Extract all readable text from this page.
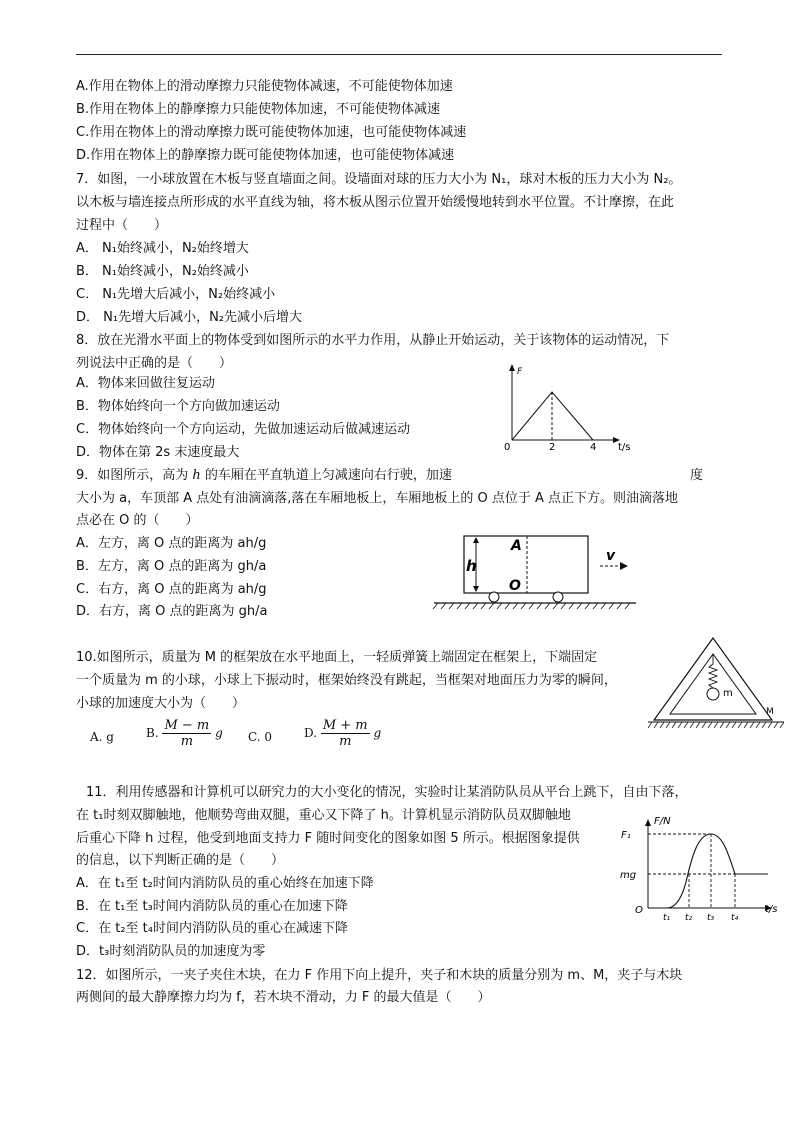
A.作用在物体上的滑动摩擦力只能使物体减速，不可能使物体加速
B.作用在物体上的静摩擦力只能使物体加速，不可能使物体减速
C.作用在物体上的滑动摩擦力既可能使物体加速，也可能使物体减速
D.作用在物体上的静摩擦力既可能使物体加速，也可能使物体减速
7．如图，一小球放置在木板与竖直墙面之间。设墙面对球的压力大小为 N₁，球对木板的压力大小为 N₂。
以木板与墙连接点所形成的水平直线为轴，将木板从图示位置开始缓慢地转到水平位置。不计摩擦，在此
过程中（　　）
A． N₁始终减小，N₂始终增大
B． N₁始终减小，N₂始终减小
C． N₁先增大后减小，N₂始终减小
D． N₁先增大后减小，N₂先减小后增大
8．放在光滑水平面上的物体受到如图所示的水平力作用，从静止开始运动，关于该物体的运动情况，下
列说法中正确的是（　　）
A．物体来回做往复运动
B．物体始终向一个方向做加速运动
C．物体始终向一个方向运动，先做加速运动后做减速运动
D．物体在第 2s 末速度最大
F
0	2	4 t/s
9．如图所示，高为 h 的车厢在平直轨道上匀减速向右行驶，加速	度
大小为 a，车顶部 A 点处有油滴滴落,落在车厢地板上，车厢地板上的 O 点位于 A 点正下方。则油滴落地
点必在 O 的（　　）
A．左方，离 O 点的距离为 ah/g
B．左方，离 O 点的距离为 gh/a
C．右方，离 O 点的距离为 ah/g
D．右方，离 O 点的距离为 gh/a
h
A
O
v
10.如图所示，质量为 M 的框架放在水平地面上，一轻质弹簧上端固定在框架上，下端固定
一个质量为 m 的小球，小球上下振动时，框架始终没有跳起，当框架对地面压力为零的瞬间，
小球的加速度大小为（　　）
A. g	B. $\frac{M - m}{m}$ g C. 0	D. $\frac{M + m}{m}$ g
m
M
11．利用传感器和计算机可以研究力的大小变化的情况，实验时让某消防队员从平台上跳下，自由下落，
在 t₁时刻双脚触地，他顺势弯曲双腿，重心又下降了 h。计算机显示消防队员双脚触地
后重心下降 h 过程，他受到地面支持力 F 随时间变化的图象如图 5 所示。根据图象提供
的信息，以下判断正确的是（　　）
A．在 t₁至 t₂时间内消防队员的重心始终在加速下降
B．在 t₁至 t₃时间内消防队员的重心在加速下降
C．在 t₂至 t₄时间内消防队员的重心在减速下降
D．t₃时刻消防队员的加速度为零
F/N
F₁
mg
O
t₁ t₂ t₃ t₄
t/s
12．如图所示，一夹子夹住木块，在力 F 作用下向上提升，夹子和木块的质量分别为 m、M，夹子与木块
两侧间的最大静摩擦力均为 f，若木块不滑动，力 F 的最大值是（　　）
